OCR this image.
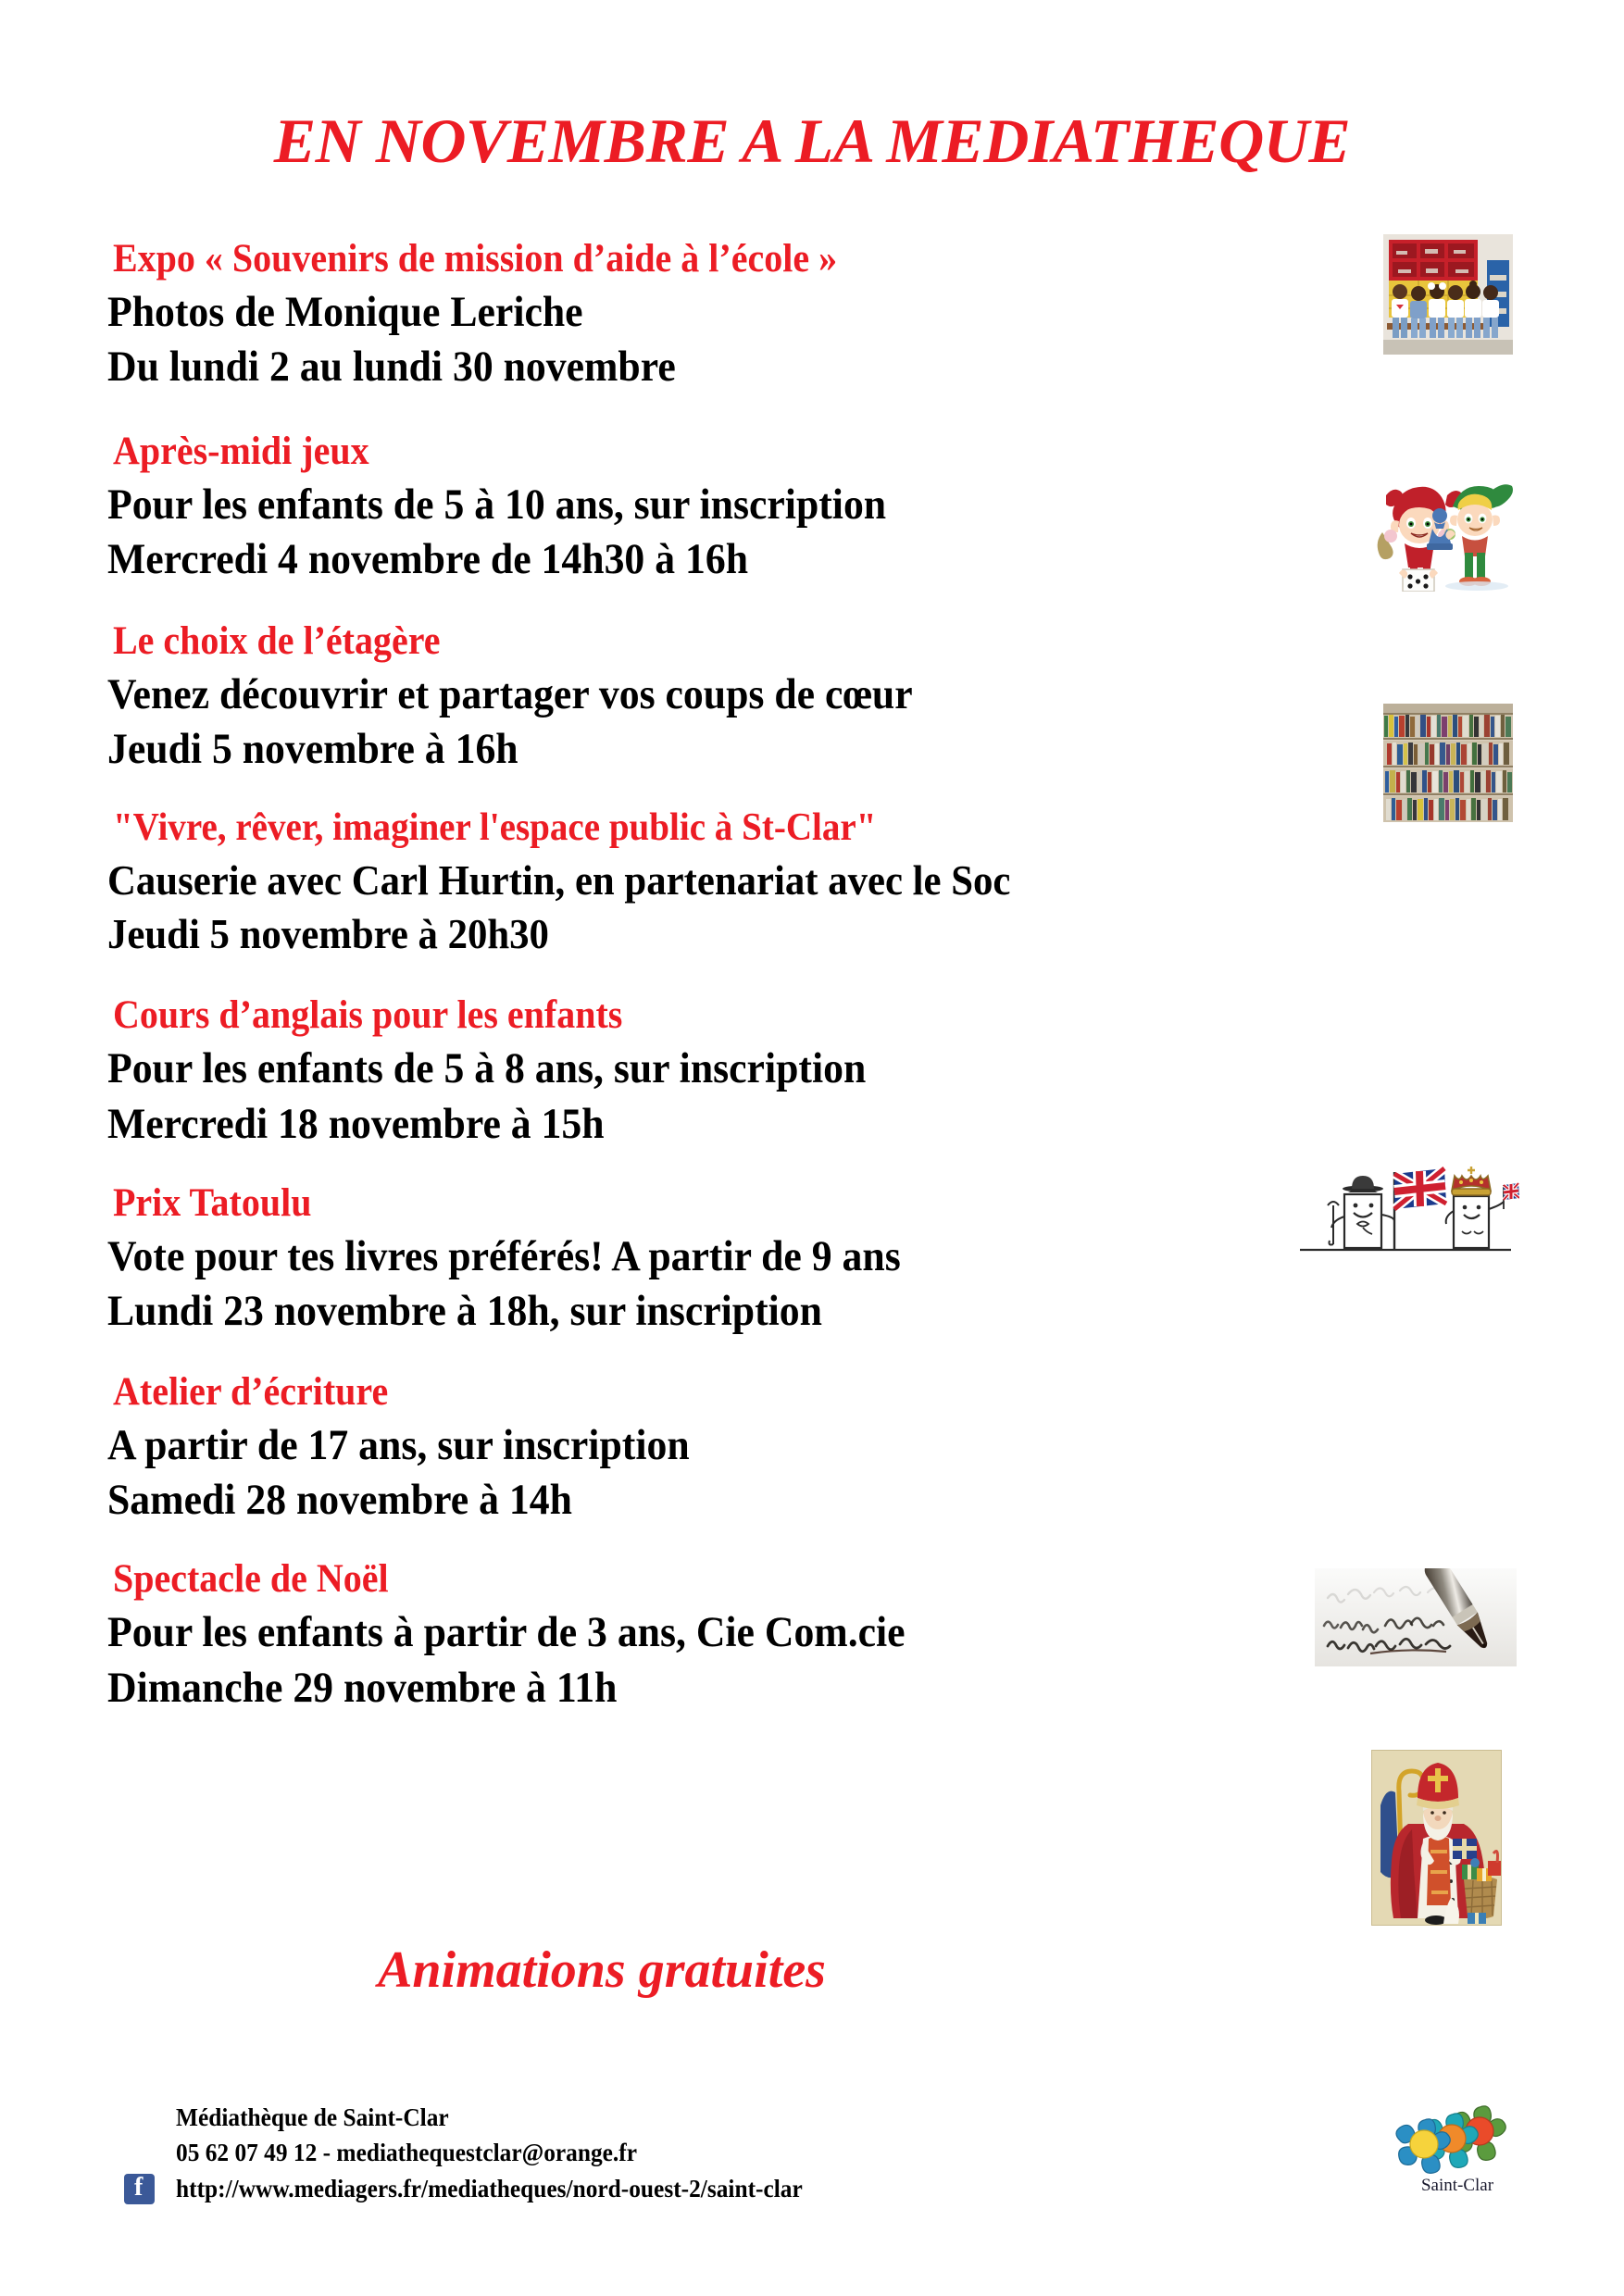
EN NOVEMBRE A LA MEDIATHEQUE
Expo « Souvenirs de mission d’aide à l’école »
Photos de Monique Leriche
Du lundi 2 au lundi 30 novembre
Après-midi jeux
Pour les enfants de 5 à 10 ans, sur inscription
Mercredi 4 novembre de 14h30 à 16h
Le choix de l’étagère
Venez découvrir et partager vos coups de cœur
Jeudi 5 novembre à 16h
"Vivre, rêver, imaginer l'espace public à St-Clar"
Causerie avec Carl Hurtin, en partenariat avec le Soc
Jeudi 5 novembre à 20h30
Cours d’anglais pour les enfants
Pour les enfants de 5 à 8 ans, sur inscription
Mercredi 18 novembre à 15h
Prix Tatoulu
Vote pour tes livres préférés! A partir de 9 ans
Lundi 23 novembre à 18h, sur inscription
Atelier d’écriture
A partir de 17 ans, sur inscription
Samedi 28 novembre à 14h
Spectacle de Noël
Pour les enfants à partir de 3 ans, Cie Com.cie
Dimanche 29 novembre à 11h
Animations gratuites
f
Médiathèque de Saint-Clar
05 62 07 49 12 - mediathequestclar@orange.fr
http://www.mediagers.fr/mediatheques/nord-ouest-2/saint-clar	Saint-Clar
